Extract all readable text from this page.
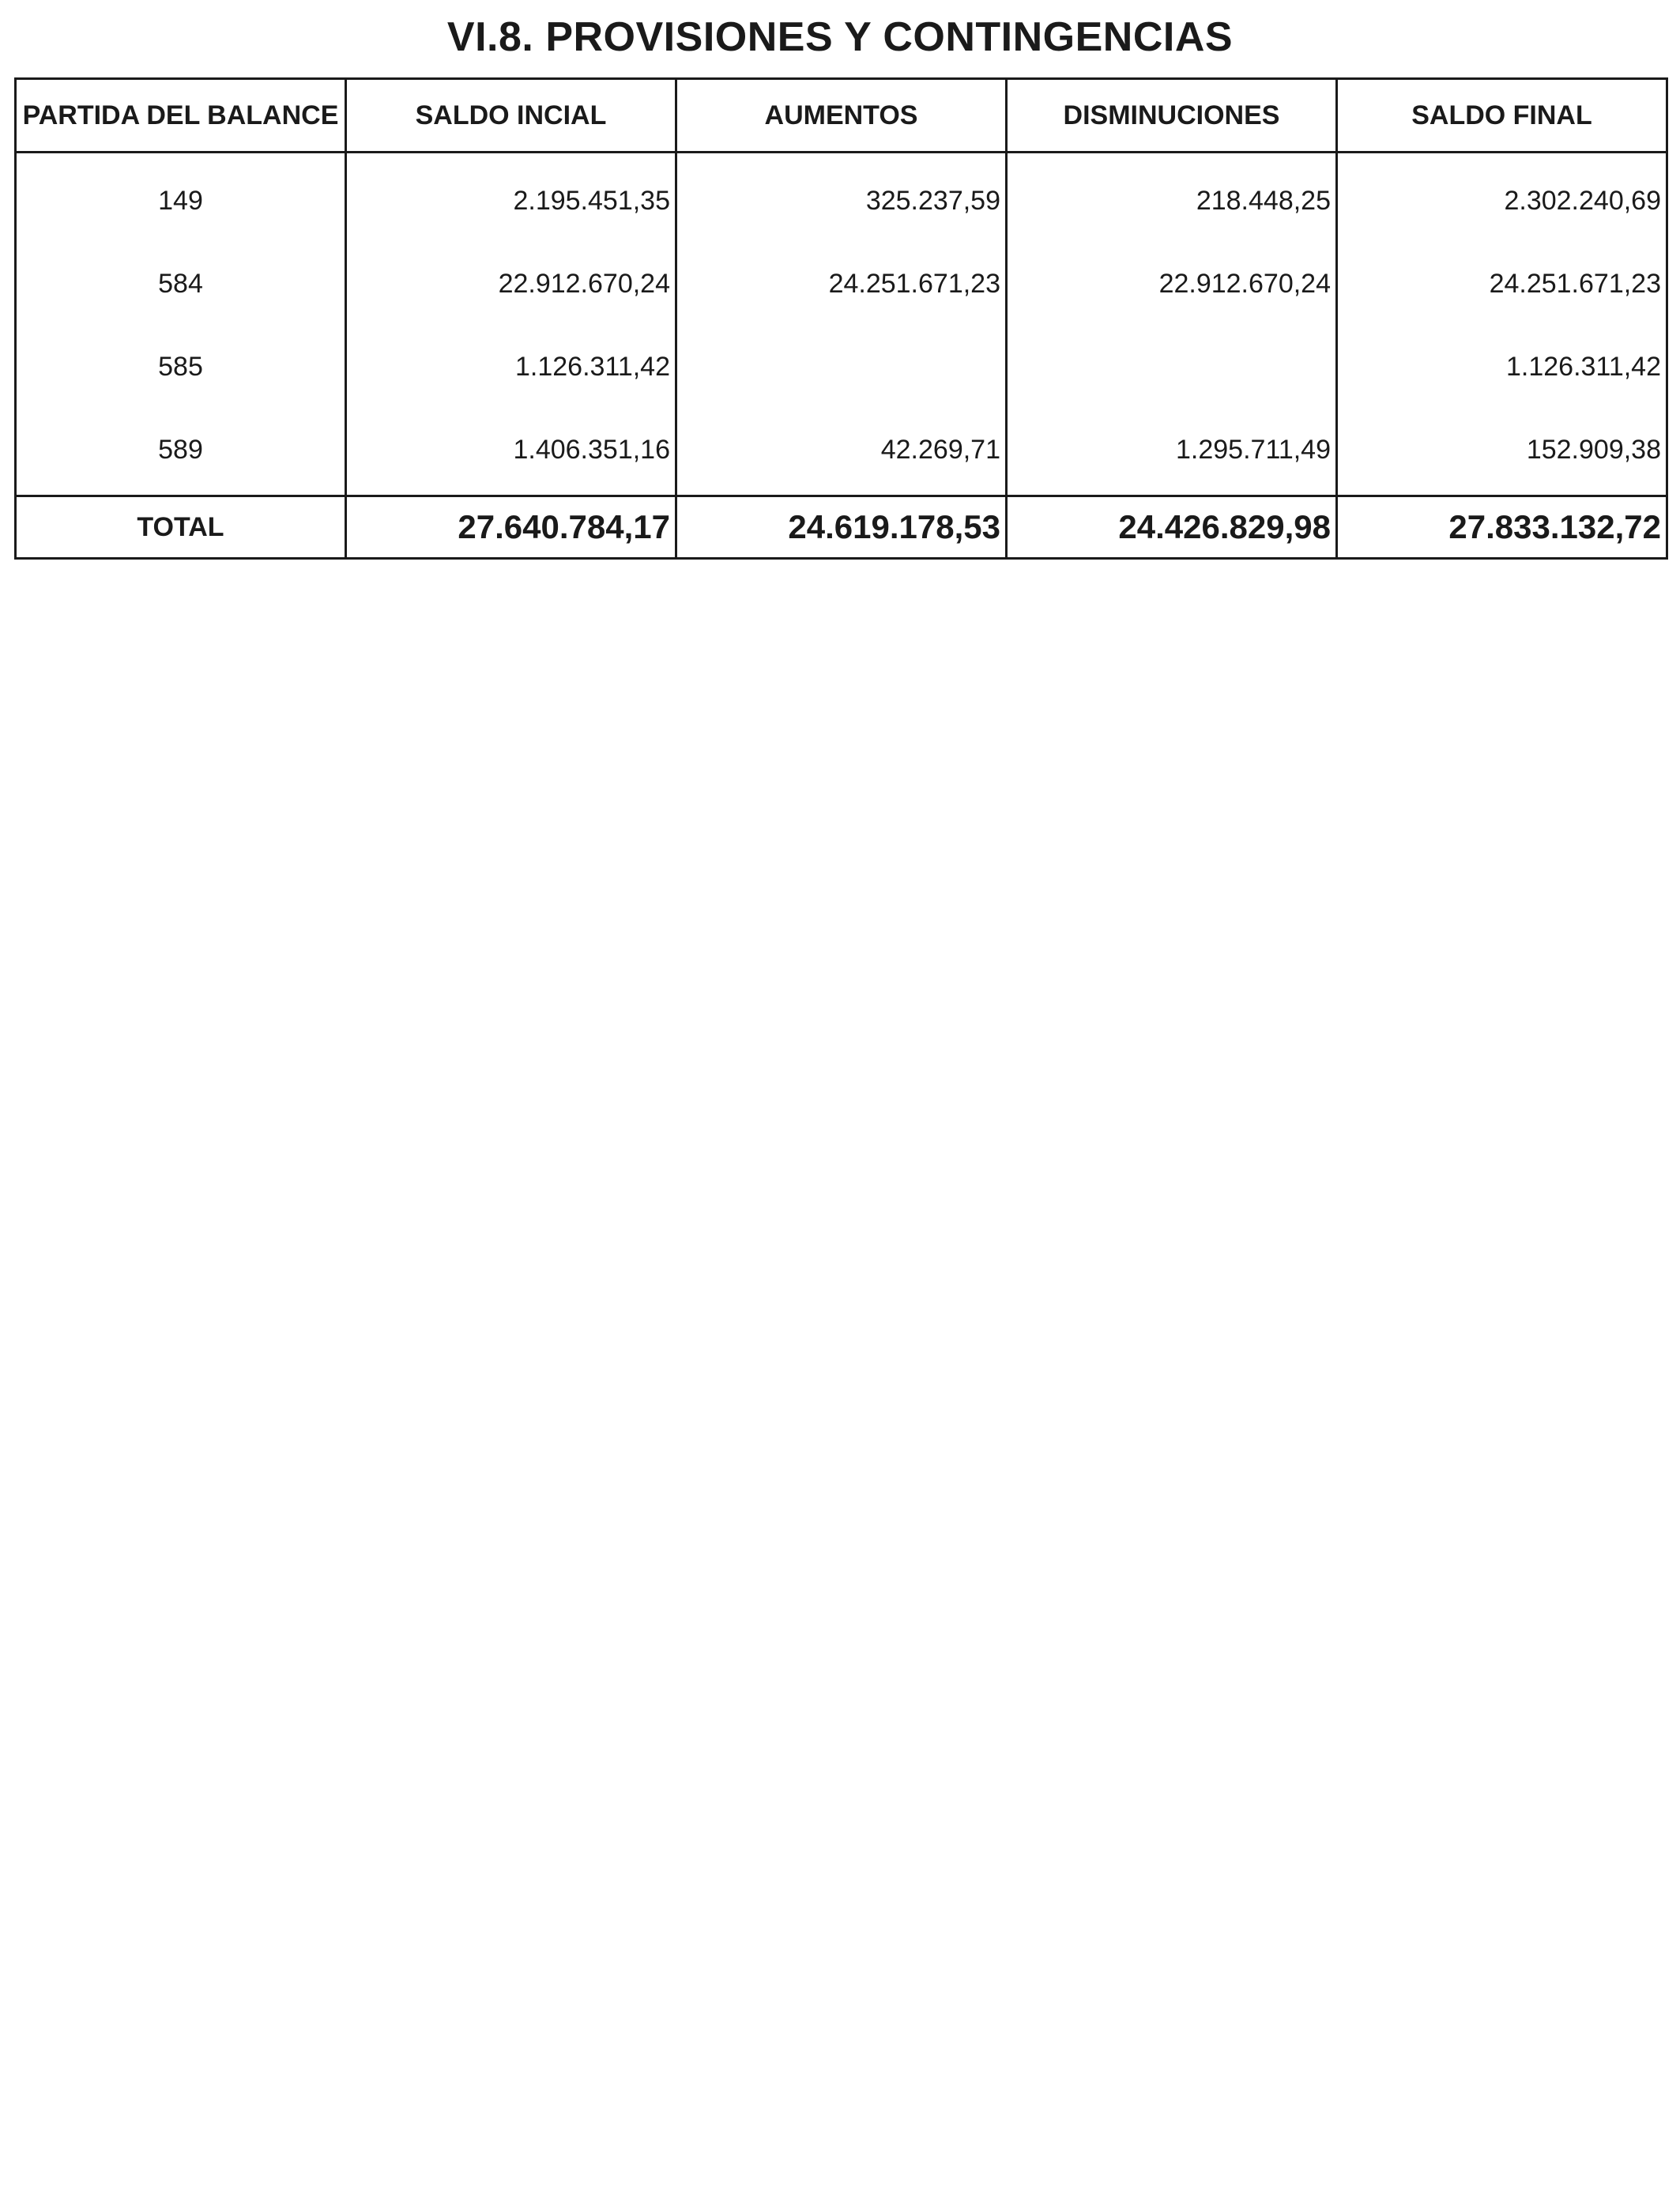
VI.8. PROVISIONES Y CONTINGENCIAS
PARTIDA DEL BALANCE	SALDO INCIAL	AUMENTOS	DISMINUCIONES	SALDO FINAL
149	2.195.451,35	325.237,59	218.448,25	2.302.240,69
584	22.912.670,24	24.251.671,23	22.912.670,24	24.251.671,23
585	1.126.311,42			1.126.311,42
589	1.406.351,16	42.269,71	1.295.711,49	152.909,38
TOTAL	27.640.784,17	24.619.178,53	24.426.829,98	27.833.132,72
